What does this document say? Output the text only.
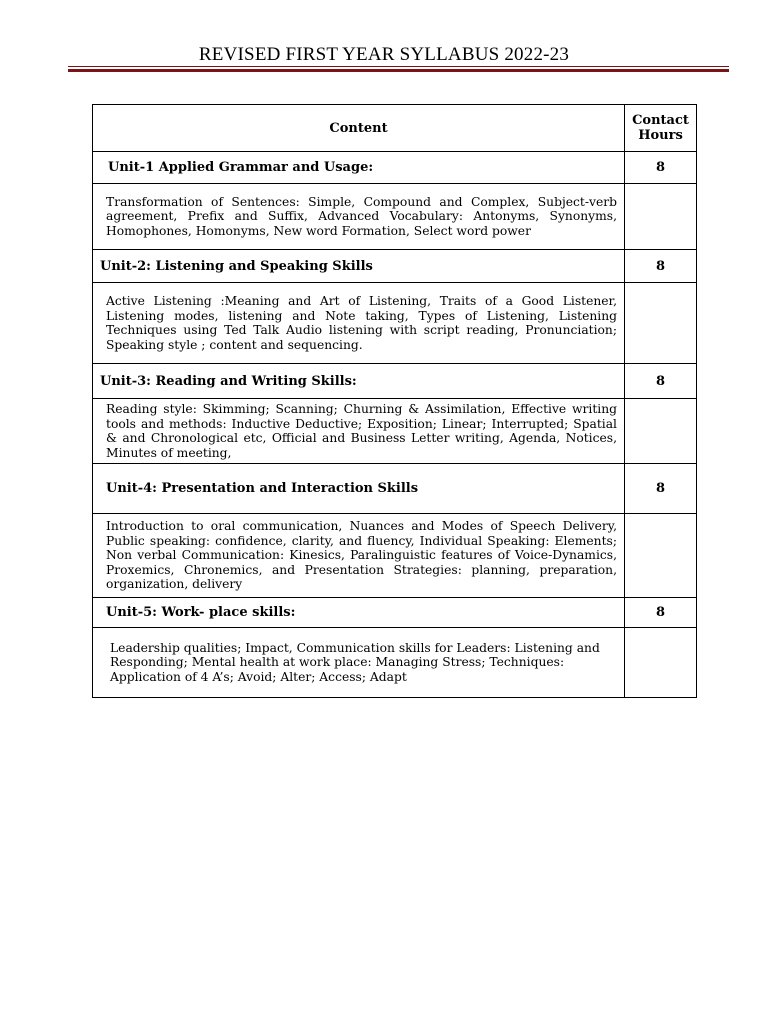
REVISED FIRST YEAR SYLLABUS 2022-23
Content	Contact Hours
Unit-1 Applied Grammar and Usage:	8
Transformation of Sentences: Simple, Compound and Complex, Subject-verb agreement, Prefix and Suffix, Advanced Vocabulary: Antonyms, Synonyms, Homophones, Homonyms, New word Formation, Select word power	
Unit-2: Listening and Speaking Skills	8
Active Listening :Meaning and Art of Listening, Traits of a Good Listener, Listening modes, listening and Note taking, Types of Listening, Listening Techniques using Ted Talk Audio listening with script reading, Pronunciation; Speaking style ; content and sequencing.	
Unit-3: Reading and Writing Skills:	8
Reading style: Skimming; Scanning; Churning & Assimilation, Effective writing tools and methods: Inductive Deductive; Exposition; Linear; Interrupted; Spatial & and Chronological etc, Official and Business Letter writing, Agenda, Notices, Minutes of meeting,	
Unit-4: Presentation and Interaction Skills	8
Introduction to oral communication, Nuances and Modes of Speech Delivery, Public speaking: confidence, clarity, and fluency, Individual Speaking: Elements; Non verbal Communication: Kinesics, Paralinguistic features of Voice-Dynamics, Proxemics, Chronemics, and Presentation Strategies: planning, preparation, organization, delivery	
Unit-5: Work- place skills:	8
Leadership qualities; Impact, Communication skills for Leaders: Listening and Responding; Mental health at work place: Managing Stress; Techniques: Application of 4 A’s; Avoid; Alter; Access; Adapt	
